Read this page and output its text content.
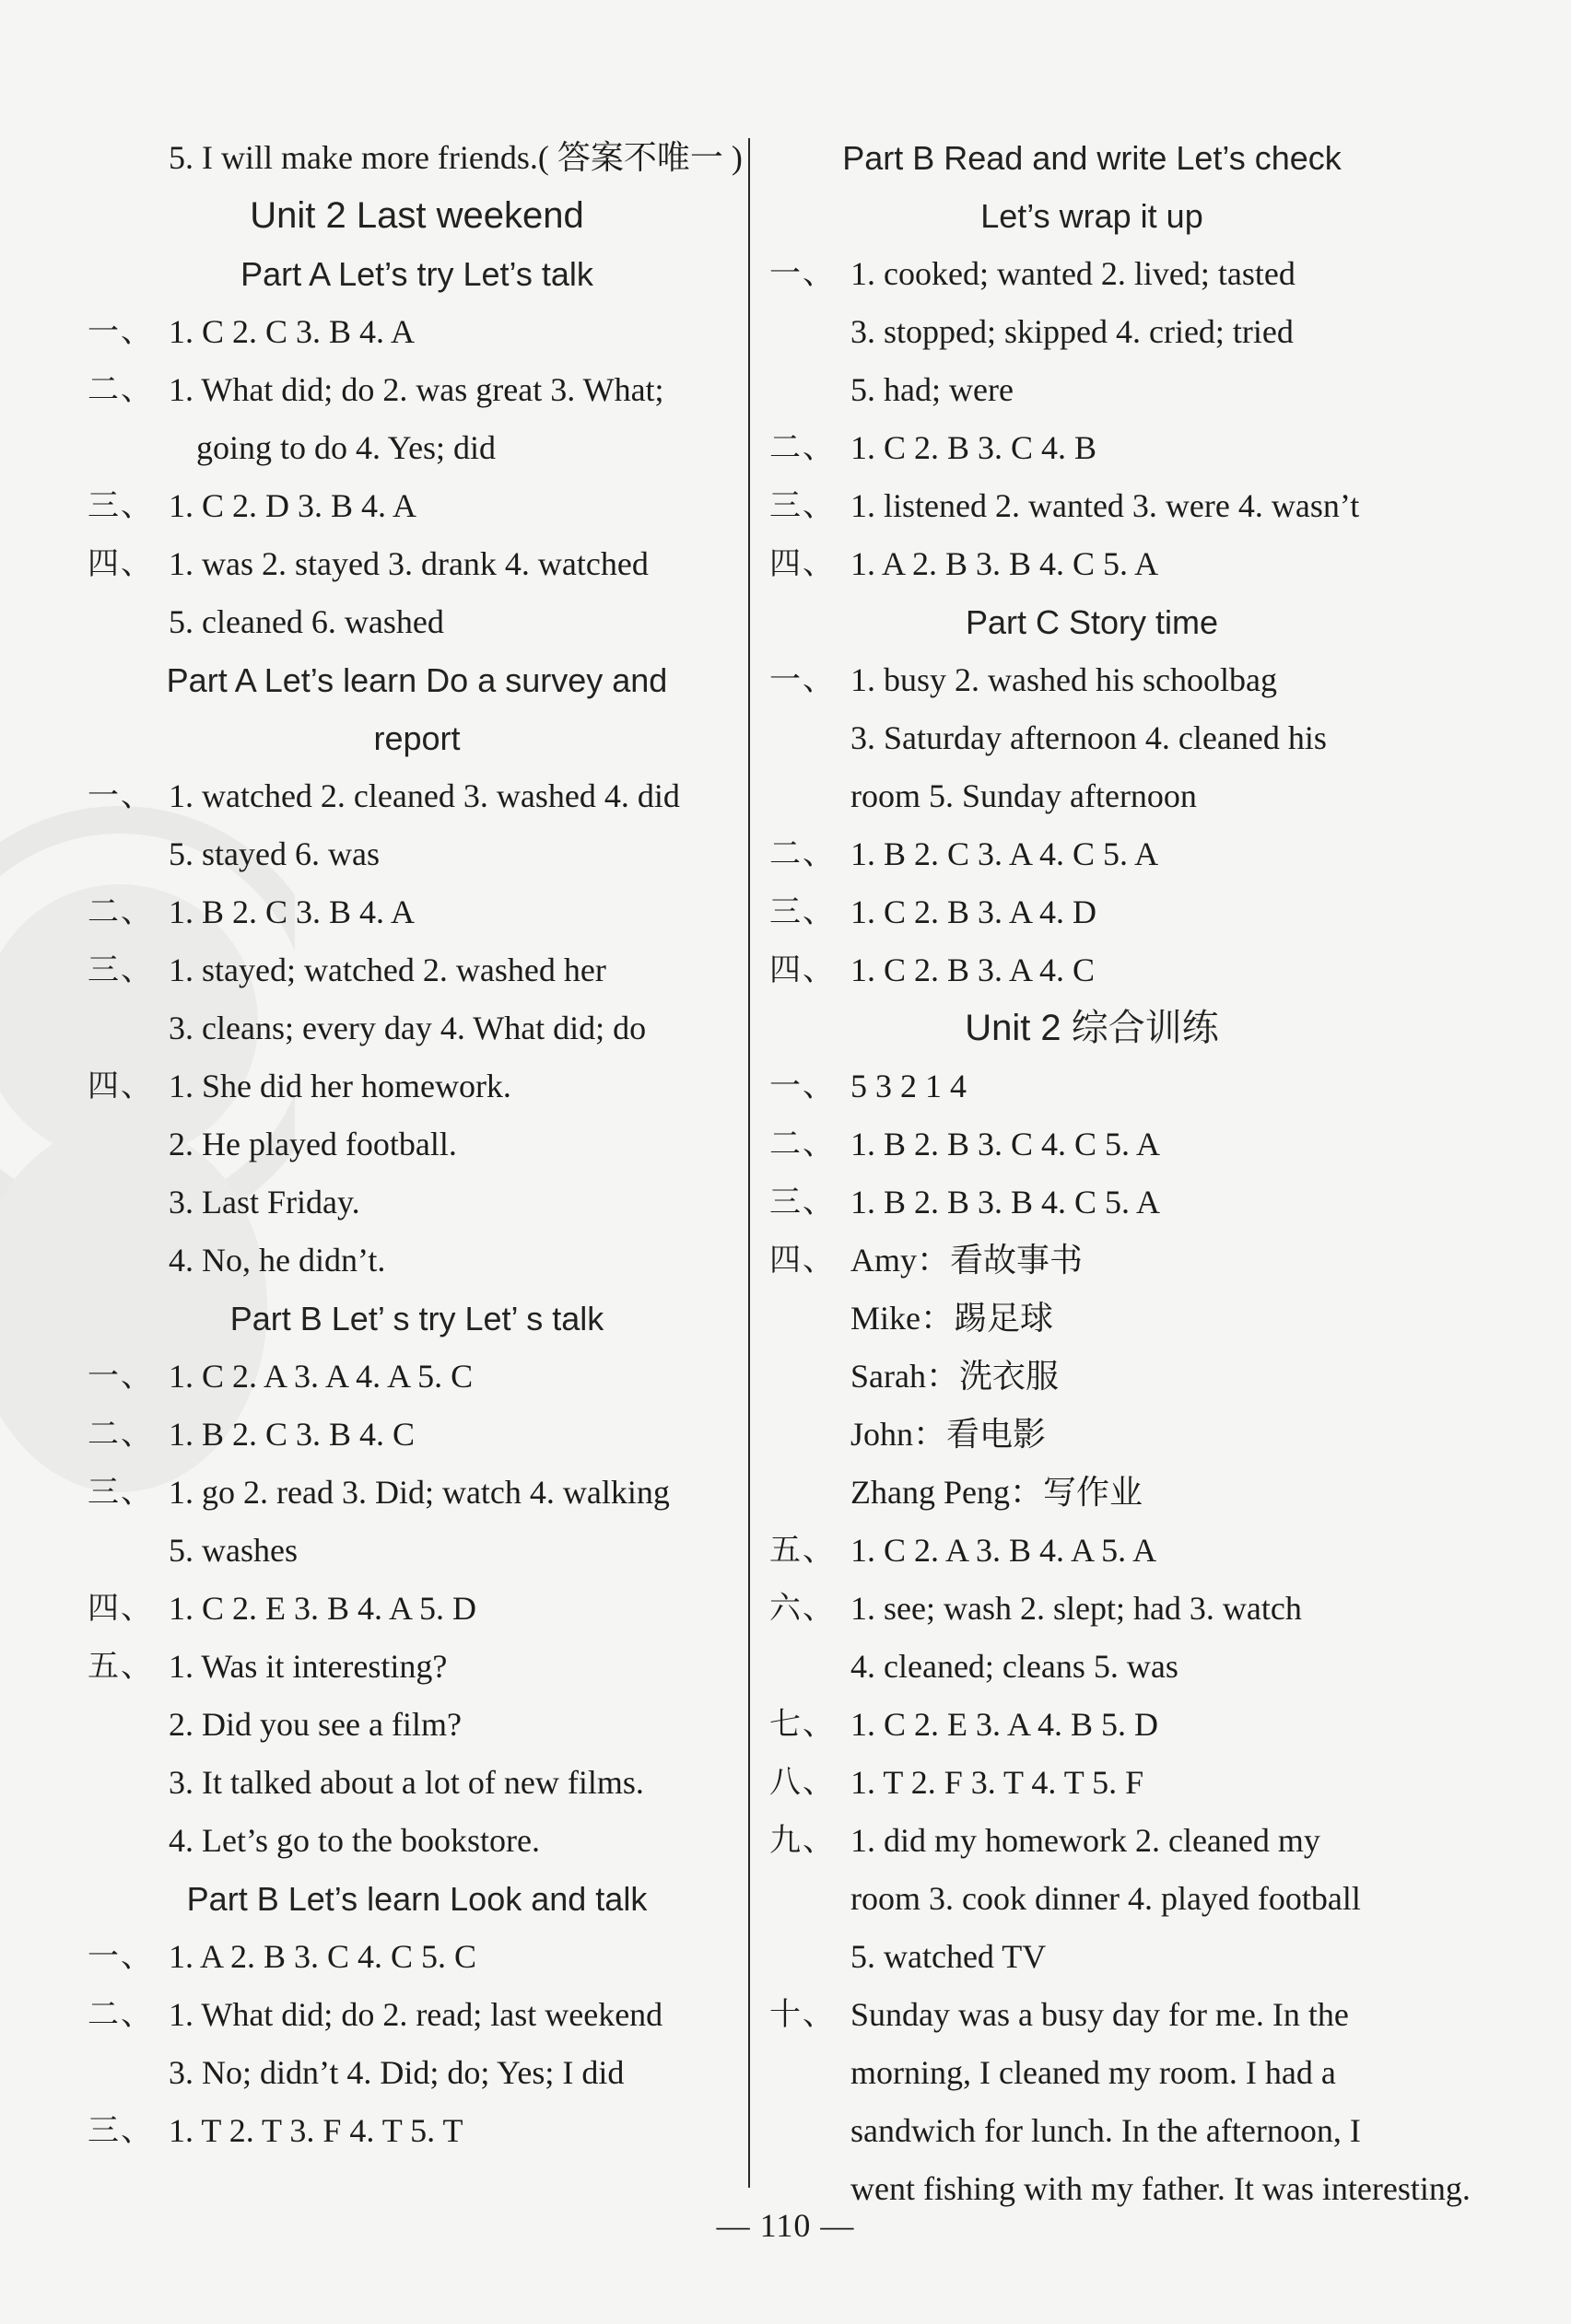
5. I will make more friends.( 答案不唯一 )
Unit 2 Last weekend
Part A Let’s try Let’s talk
一、 1. C 2. C 3. B 4. A
二、 1. What did; do 2. was great 3. What;
going to do 4. Yes; did
三、 1. C 2. D 3. B 4. A
四、 1. was 2. stayed 3. drank 4. watched
5. cleaned 6. washed
Part A Let’s learn Do a survey and
report
一、 1. watched 2. cleaned 3. washed 4. did
5. stayed 6. was
二、 1. B 2. C 3. B 4. A
三、 1. stayed; watched 2. washed her
3. cleans; every day 4. What did; do
四、 1. She did her homework.
2. He played football.
3. Last Friday.
4. No, he didn’t.
Part B Let’ s try Let’ s talk
一、 1. C 2. A 3. A 4. A 5. C
二、 1. B 2. C 3. B 4. C
三、 1. go 2. read 3. Did; watch 4. walking
5. washes
四、 1. C 2. E 3. B 4. A 5. D
五、 1. Was it interesting?
2. Did you see a film?
3. It talked about a lot of new films.
4. Let’s go to the bookstore.
Part B Let’s learn Look and talk
一、 1. A 2. B 3. C 4. C 5. C
二、 1. What did; do 2. read; last weekend
3. No; didn’t 4. Did; do; Yes; I did
三、 1. T 2. T 3. F 4. T 5. T
Part B Read and write Let’s check
Let’s wrap it up
一、 1. cooked; wanted 2. lived; tasted
3. stopped; skipped 4. cried; tried
5. had; were
二、 1. C 2. B 3. C 4. B
三、 1. listened 2. wanted 3. were 4. wasn’t
四、 1. A 2. B 3. B 4. C 5. A
Part C Story time
一、 1. busy 2. washed his schoolbag
3. Saturday afternoon 4. cleaned his
room 5. Sunday afternoon
二、 1. B 2. C 3. A 4. C 5. A
三、 1. C 2. B 3. A 4. D
四、 1. C 2. B 3. A 4. C
Unit 2 综合训练
一、 5 3 2 1 4
二、 1. B 2. B 3. C 4. C 5. A
三、 1. B 2. B 3. B 4. C 5. A
四、 Amy：看故事书
Mike：踢足球
Sarah：洗衣服
John：看电影
Zhang Peng：写作业
五、 1. C 2. A 3. B 4. A 5. A
六、 1. see; wash 2. slept; had 3. watch
4. cleaned; cleans 5. was
七、 1. C 2. E 3. A 4. B 5. D
八、 1. T 2. F 3. T 4. T 5. F
九、 1. did my homework 2. cleaned my
room 3. cook dinner 4. played football
5. watched TV
十、 Sunday was a busy day for me. In the
morning, I cleaned my room. I had a
sandwich for lunch. In the afternoon, I
went fishing with my father. It was interesting.
— 110 —
